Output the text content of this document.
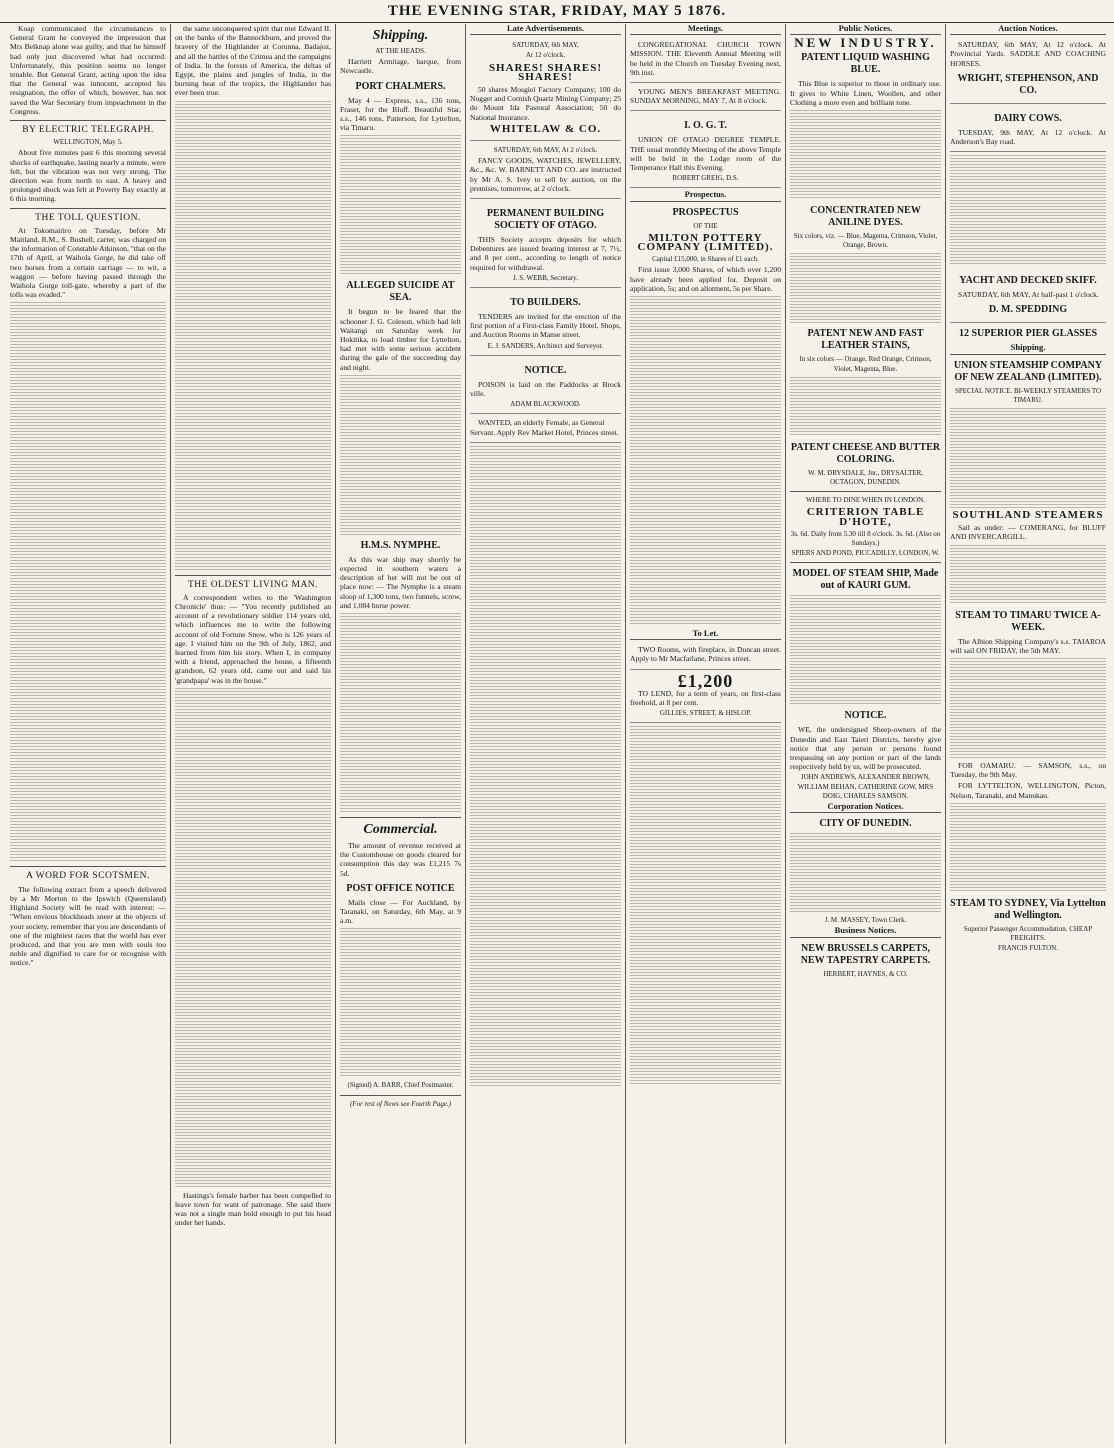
THE EVENING STAR, FRIDAY, MAY 5 1876.
Koap communicated the circumstances to General Grant he conveyed the impression that Mrs Belknap alone was guilty, and that he himself had only just discovered what had occurred. Unfortunately, this position seems no longer tenable. But General Grant, acting upon the idea that the General was innocent, accepted his resignation, the offer of which, however, has not saved the War Secretary from impeachment in the Congress.
BY ELECTRIC TELEGRAPH.
WELLINGTON, May 5.
About five minutes past 6 this morning several shocks of earthquake, lasting nearly a minute, were felt, but the vibration was not very strong. The direction was from north to east. A heavy and prolonged shock was felt at Poverty Bay exactly at 6 this morning.
THE TOLL QUESTION.
At Tokomairiro on Tuesday, before Mr Maitland, R.M., S. Bushell, carter, was charged on the information of Constable Atkinson, "that on the 17th of April, at Waihola Gorge, he did take off two horses from a certain carriage — to wit, a waggon — before having passed through the Waihola Gorge toll-gate, whereby a part of the tolls was evaded."
A WORD FOR SCOTSMEN.
The following extract from a speech delivered by a Mr Morton to the Ipswich (Queensland) Highland Society will be read with interest: — "When envious blockheads sneer at the objects of your society, remember that you are descendants of one of the mightiest races that the world has ever produced, and that you are men with souls too noble and dignified to care for or recognise with notice."
the same unconquered spirit that met Edward II. on the banks of the Bannockburn, and proved the bravery of the Highlander at Corunna, Badajoz, and all the battles of the Crimea and the campaigns of India. In the forests of America, the deltas of Egypt, the plains and jungles of India, in the burning heat of the tropics, the Highlander has ever been true.
THE OLDEST LIVING MAN.
A correspondent writes to the 'Washington Chronicle' thus: — "You recently published an account of a revolutionary soldier 114 years old, which influences me to write the following account of old Fortune Snow, who is 126 years of age. I visited him on the 9th of July, 1862, and learned from him his story. When I, in company with a friend, approached the house, a fifteenth grandson, 62 years old, came out and said his 'grandpapa' was in the house."
Hastings's female barber has been compelled to leave town for want of patronage. She said there was not a single man bold enough to put his head under her hands.
Shipping.
AT THE HEADS.
Harriett Armitage, barque, from Newcastle.
PORT CHALMERS.
May 4 — Express, s.s., 136 tons, Fraser, for the Bluff. Beautiful Star, s.s., 146 tons, Patterson, for Lyttelton, via Timaru.
ALLEGED SUICIDE AT SEA.
It begun to be feared that the schooner J. G. Coleson, which had left Waitangi on Saturday week for Hokitika, to load timber for Lyttelton, had met with some serious accident during the gale of the succeeding day and night.
H.M.S. NYMPHE.
As this war ship may shortly be expected in southern waters a description of her will not be out of place now: — The Nymphe is a steam sloop of 1,300 tons, two funnels, screw, and 1,084 horse power.
Commercial.
The amount of revenue received at the Customhouse on goods cleared for consumption this day was £1,215 7s 5d.
POST OFFICE NOTICE
Mails close — For Auckland, by Taranaki, on Saturday, 6th May, at 9 a.m.
(Signed) A. BARR, Chief Postmaster.
(For rest of News see Fourth Page.)
Late Advertisements.
SATURDAY, 6th MAY,
At 12 o'clock.
SHARES! SHARES! SHARES!
50 shares Mosgiel Factory Company; 100 do Nugget and Cornish Quartz Mining Company; 25 do Mount Ida Pastoral Association; 50 do National Insurance.
WHITELAW & CO.
SATURDAY, 6th MAY, At 2 o'clock.
FANCY GOODS, WATCHES, JEWELLERY, &c., &c. W. BARNETT AND CO. are instructed by Mr A. S. Ivey to sell by auction, on the premises, tomorrow, at 2 o'clock.
PERMANENT BUILDING SOCIETY OF OTAGO.
THIS Society accepts deposits for which Debentures are issued bearing interest at 7, 7½, and 8 per cent., according to length of notice required for withdrawal.
J. S. WEBB, Secretary.
TO BUILDERS.
TENDERS are invited for the erection of the first portion of a First-class Family Hotel, Shops, and Auction Rooms in Manse street.
E. J. SANDERS, Architect and Surveyor.
NOTICE.
POISON is laid on the Paddocks at Brock ville.
ADAM BLACKWOOD.
WANTED, an elderly Female, as General Servant. Apply Rev Market Hotel, Princes street.
Meetings.
CONGREGATIONAL CHURCH TOWN MISSION. THE Eleventh Annual Meeting will be held in the Church on Tuesday Evening next, 9th inst.
YOUNG MEN'S BREAKFAST MEETING. SUNDAY MORNING, MAY 7, At 8 o'clock.
I. O. G. T.
UNION OF OTAGO DEGREE TEMPLE. THE usual monthly Meeting of the above Temple will be held in the Lodge room of the Temperance Hall this Evening.
ROBERT GREIG, D.S.
Prospectus.
PROSPECTUS
OF THE
MILTON POTTERY COMPANY (LIMITED).
Capital £15,000, in Shares of £1 each.
First issue 3,000 Shares, of which over 1,200 have already been applied for. Deposit on application, 5s; and on allotment, 5s per Share.
To Let.
TWO Rooms, with fireplace, in Duncan street. Apply to Mr Macfarlane, Princes street.
£1,200
TO LEND, for a term of years, on first-class freehold, at 8 per cent.
GILLIES, STREET, & HISLOP.
Public Notices.
NEW INDUSTRY.
PATENT LIQUID WASHING BLUE.
This Blue is superior to those in ordinary use. It gives to White Linen, Woollen, and other Clothing a more even and brilliant tone.
CONCENTRATED NEW ANILINE DYES.
Six colors, viz. — Blue, Magenta, Crimson, Violet, Orange, Brown.
PATENT NEW AND FAST LEATHER STAINS,
In six colors — Orange, Red Orange, Crimson, Violet, Magenta, Blue.
PATENT CHEESE AND BUTTER COLORING.
W. M. DRYSDALE, Jnr., DRYSALTER, OCTAGON, DUNEDIN.
WHERE TO DINE WHEN IN LONDON.
CRITERION TABLE D'HOTE,
3s. 6d. Daily from 5.30 till 8 o'clock. 3s. 6d. (Also on Sundays.)
SPIERS AND POND, PICCADILLY, LONDON, W.
MODEL OF STEAM SHIP, Made out of KAURI GUM.
NOTICE.
WE, the undersigned Sheep-owners of the Dunedin and East Taieri Districts, hereby give notice that any person or persons found trespassing on any portion or part of the lands respectively held by us, will be prosecuted.
JOHN ANDREWS, ALEXANDER BROWN, WILLIAM BEHAN, CATHERINE GOW, MRS DOIG, CHARLES SAMSON.
Corporation Notices.
CITY OF DUNEDIN.
J. M. MASSEY, Town Clerk.
Business Notices.
NEW BRUSSELS CARPETS, NEW TAPESTRY CARPETS.
HERBERT, HAYNES, & CO.
Auction Notices.
SATURDAY, 6th MAY, At 12 o'clock. At Provincial Yards. SADDLE AND COACHING HORSES.
WRIGHT, STEPHENSON, AND CO.
DAIRY COWS.
TUESDAY, 9th MAY, At 12 o'clock. At Anderson's Bay road.
YACHT AND DECKED SKIFF.
SATURDAY, 6th MAY, At half-past 1 o'clock.
D. M. SPEDDING
12 SUPERIOR PIER GLASSES
Shipping.
UNION STEAMSHIP COMPANY OF NEW ZEALAND (LIMITED).
SPECIAL NOTICE. BI-WEEKLY STEAMERS TO TIMARU.
SOUTHLAND STEAMERS
Sail as under: — COMERANG, for BLUFF AND INVERCARGILL.
STEAM TO TIMARU TWICE A-WEEK.
The Albion Shipping Company's s.s. TAIAROA will sail ON FRIDAY, the 5th MAY.
FOR OAMARU. — SAMSON, s.s., on Tuesday, the 9th May.
FOR LYTTELTON, WELLINGTON, Picton, Nelson, Taranaki, and Manukau.
STEAM TO SYDNEY, Via Lyttelton and Wellington.
Superior Passenger Accommodation. CHEAP FREIGHTS.
FRANCIS FULTON.
